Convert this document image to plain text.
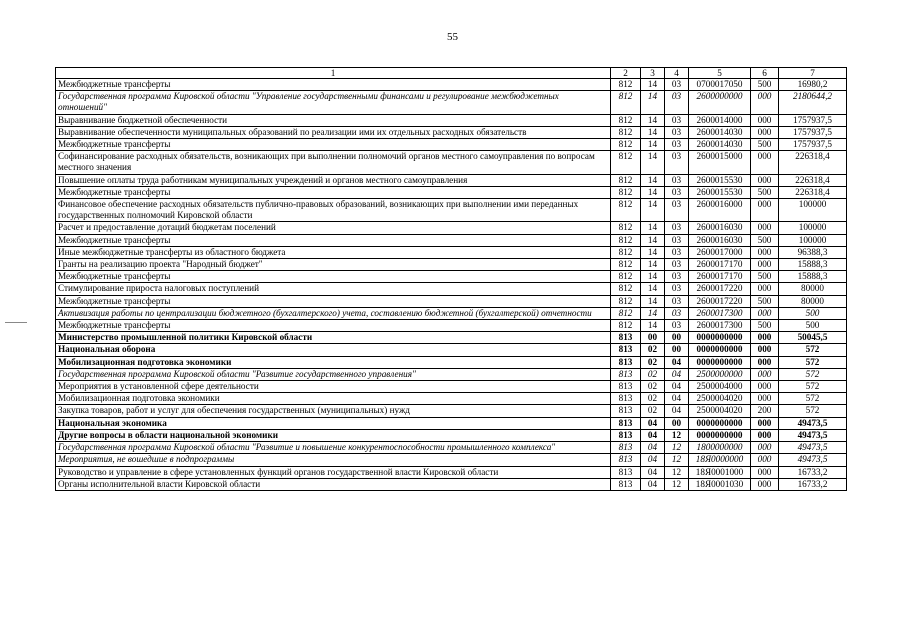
55
1	2	3	4	5	6	7
Межбюджетные трансферты	812	14	03	0700017050	500	16980,2
Государственная программа Кировской области "Управление государственными финансами и регулирование межбюджетных отношений"	812	14	03	2600000000	000	2180644,2
Выравнивание бюджетной обеспеченности	812	14	03	2600014000	000	1757937,5
Выравнивание обеспеченности муниципальных образований по реализации ими их отдельных расходных обязательств	812	14	03	2600014030	000	1757937,5
Межбюджетные трансферты	812	14	03	2600014030	500	1757937,5
Софинансирование расходных обязательств, возникающих при выполнении полномочий органов местного самоуправления по вопросам местного значения	812	14	03	2600015000	000	226318,4
Повышение оплаты труда работникам муниципальных учреждений и органов местного самоуправления	812	14	03	2600015530	000	226318,4
Межбюджетные трансферты	812	14	03	2600015530	500	226318,4
Финансовое обеспечение расходных обязательств публично-правовых образований, возникающих при выполнении ими переданных государственных полномочий Кировской области	812	14	03	2600016000	000	100000
Расчет и предоставление дотаций бюджетам поселений	812	14	03	2600016030	000	100000
Межбюджетные трансферты	812	14	03	2600016030	500	100000
Иные межбюджетные трансферты из областного бюджета	812	14	03	2600017000	000	96388,3
Гранты на реализацию проекта "Народный бюджет"	812	14	03	2600017170	000	15888,3
Межбюджетные трансферты	812	14	03	2600017170	500	15888,3
Стимулирование прироста налоговых поступлений	812	14	03	2600017220	000	80000
Межбюджетные трансферты	812	14	03	2600017220	500	80000
Активизация работы по централизации бюджетного (бухгалтерского) учета, составлению бюджетной (бухгалтерской) отчетности	812	14	03	2600017300	000	500
Межбюджетные трансферты	812	14	03	2600017300	500	500
Министерство промышленной политики Кировской области	813	00	00	0000000000	000	50045,5
Национальная оборона	813	02	00	0000000000	000	572
Мобилизационная подготовка экономики	813	02	04	0000000000	000	572
Государственная программа Кировской области "Развитие государственного управления"	813	02	04	2500000000	000	572
Мероприятия в установленной сфере деятельности	813	02	04	2500004000	000	572
Мобилизационная подготовка экономики	813	02	04	2500004020	000	572
Закупка товаров, работ и услуг для обеспечения государственных (муниципальных) нужд	813	02	04	2500004020	200	572
Национальная экономика	813	04	00	0000000000	000	49473,5
Другие вопросы в области национальной экономики	813	04	12	0000000000	000	49473,5
Государственная программа Кировской области "Развитие и повышение конкурентоспособности промышленного комплекса"	813	04	12	1800000000	000	49473,5
Мероприятия, не вошедшие в подпрограммы	813	04	12	18Я0000000	000	49473,5
Руководство и управление в сфере установленных функций органов государственной власти Кировской области	813	04	12	18Я0001000	000	16733,2
Органы исполнительной власти Кировской области	813	04	12	18Я0001030	000	16733,2
